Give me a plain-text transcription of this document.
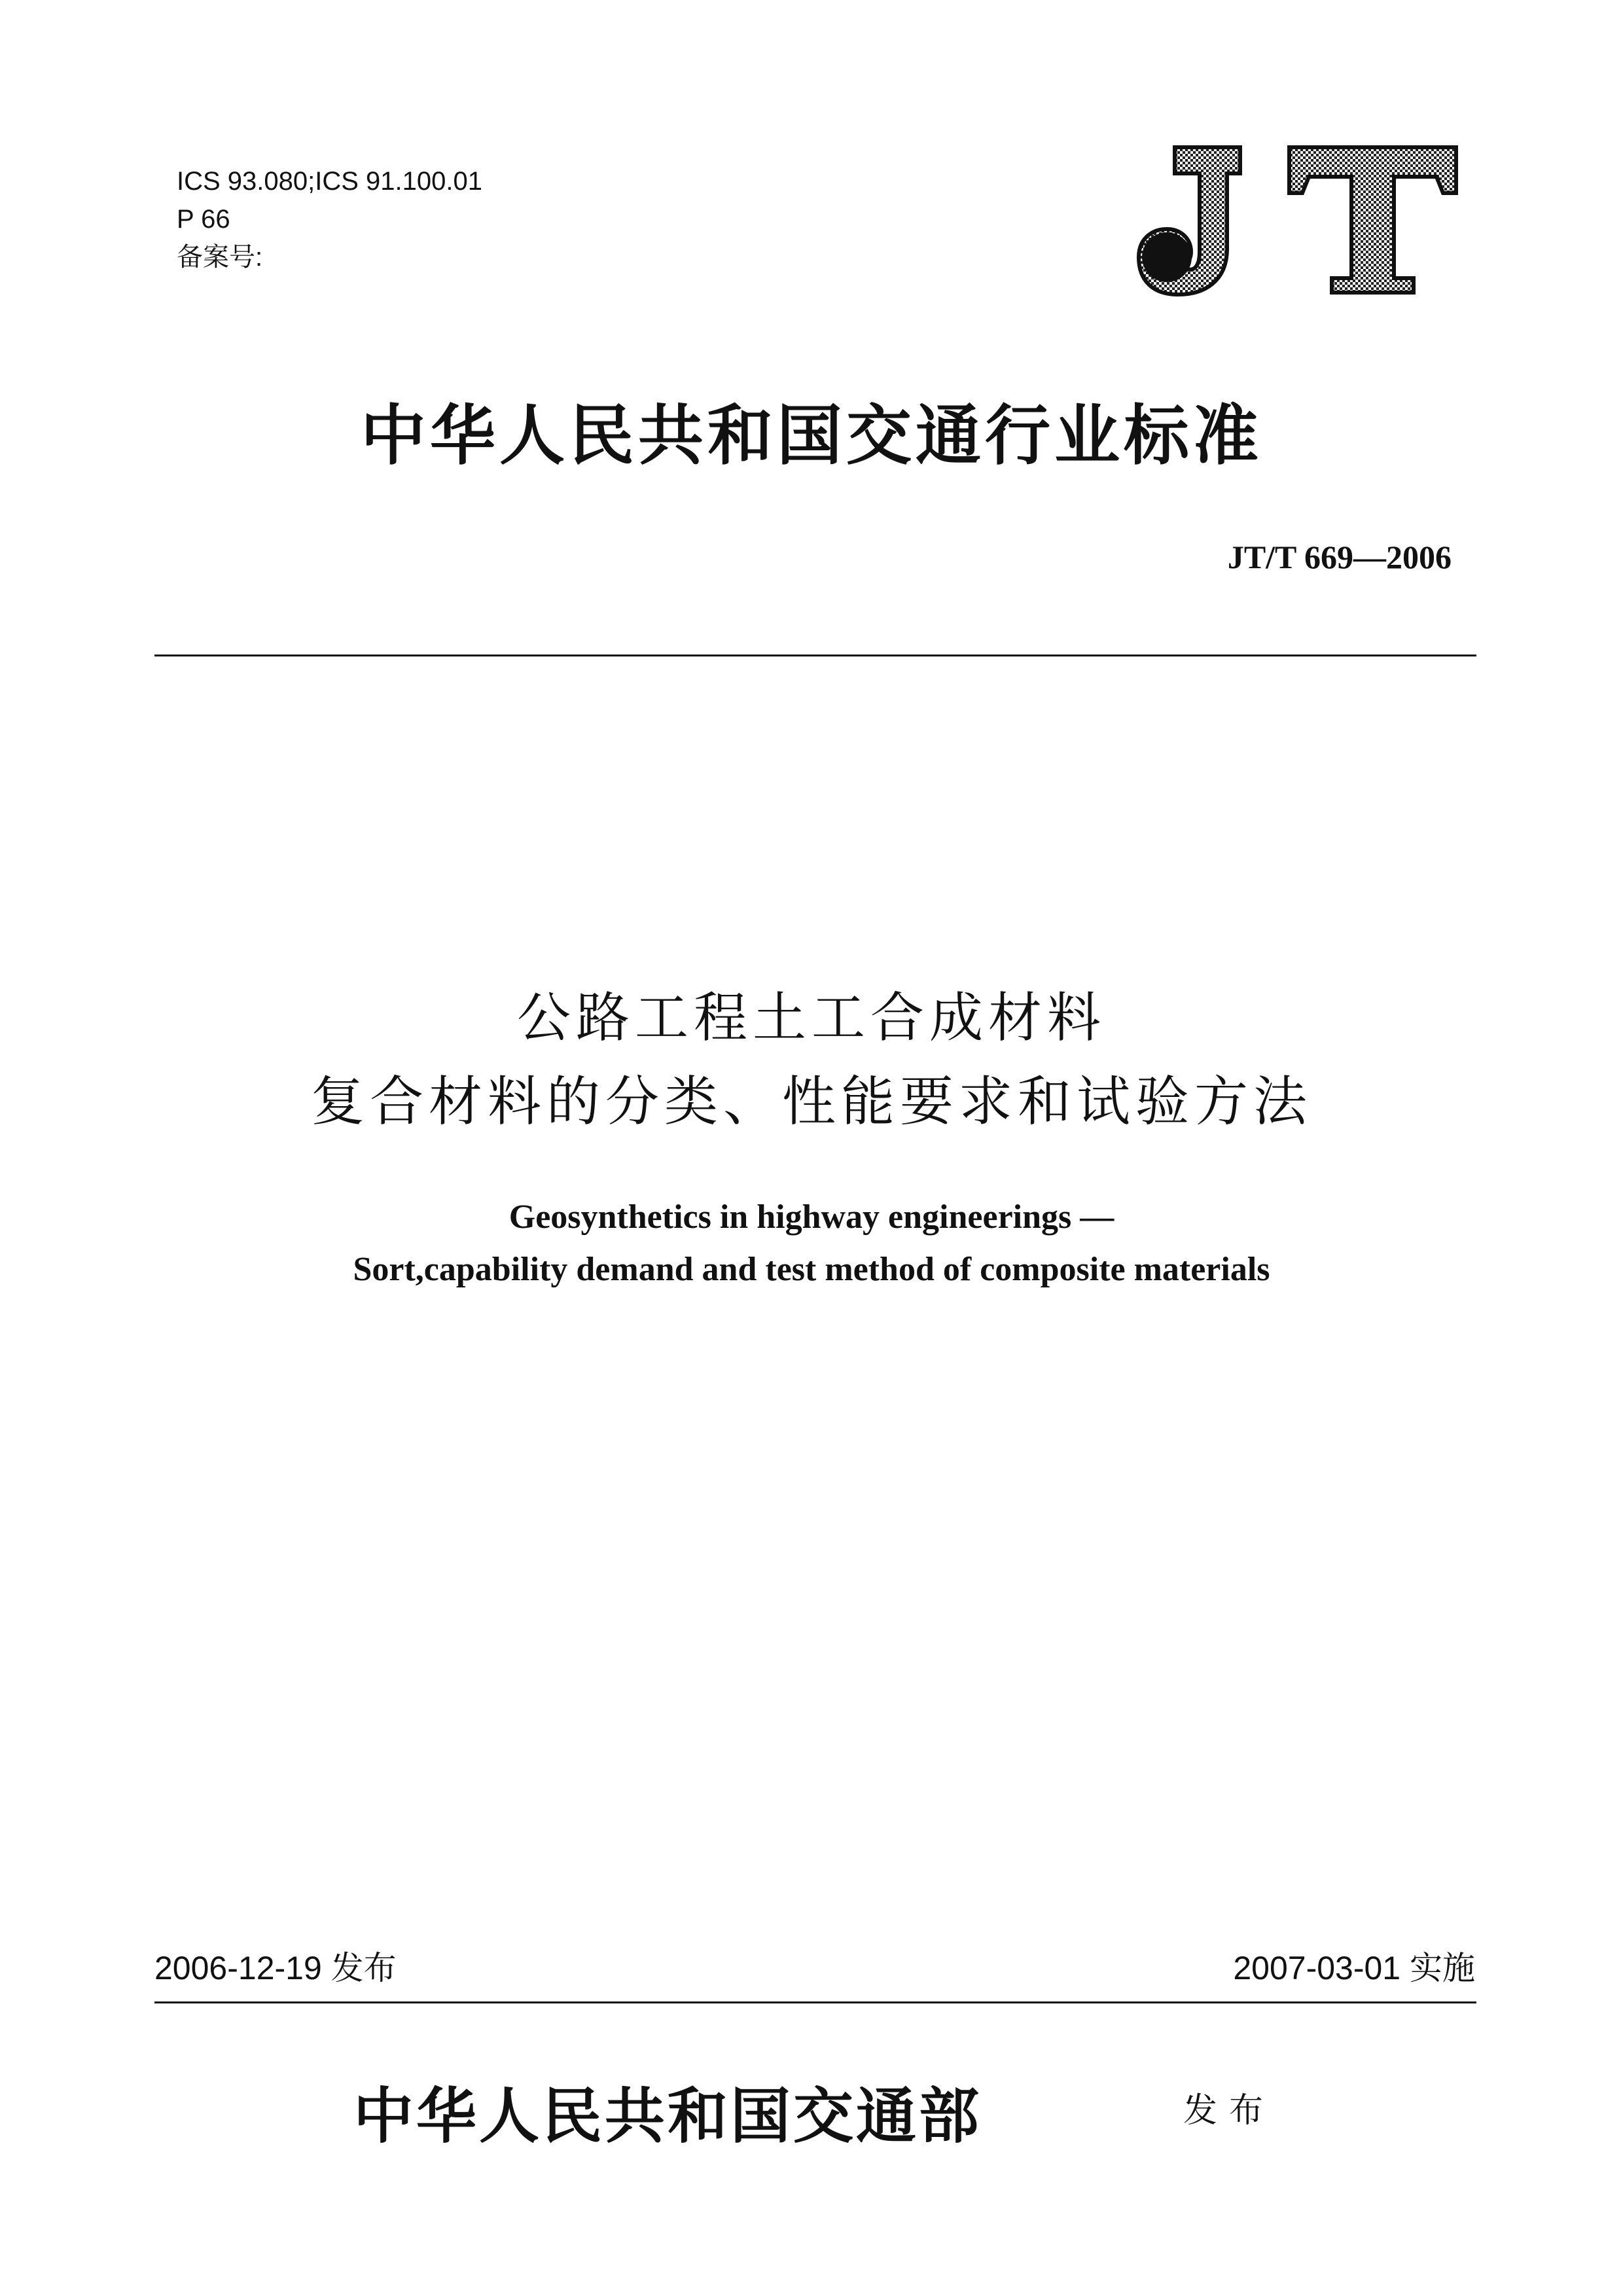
ICS 93.080;ICS 91.100.01
P 66
备案号:
中华人民共和国交通行业标准
JT/T 669—2006
公路工程土工合成材料
复合材料的分类、性能要求和试验方法
Geosynthetics in highway engineerings —
Sort,capability demand and test method of composite materials
2006-12-19 发布	2007-03-01 实施
中华人民共和国交通部	发布
